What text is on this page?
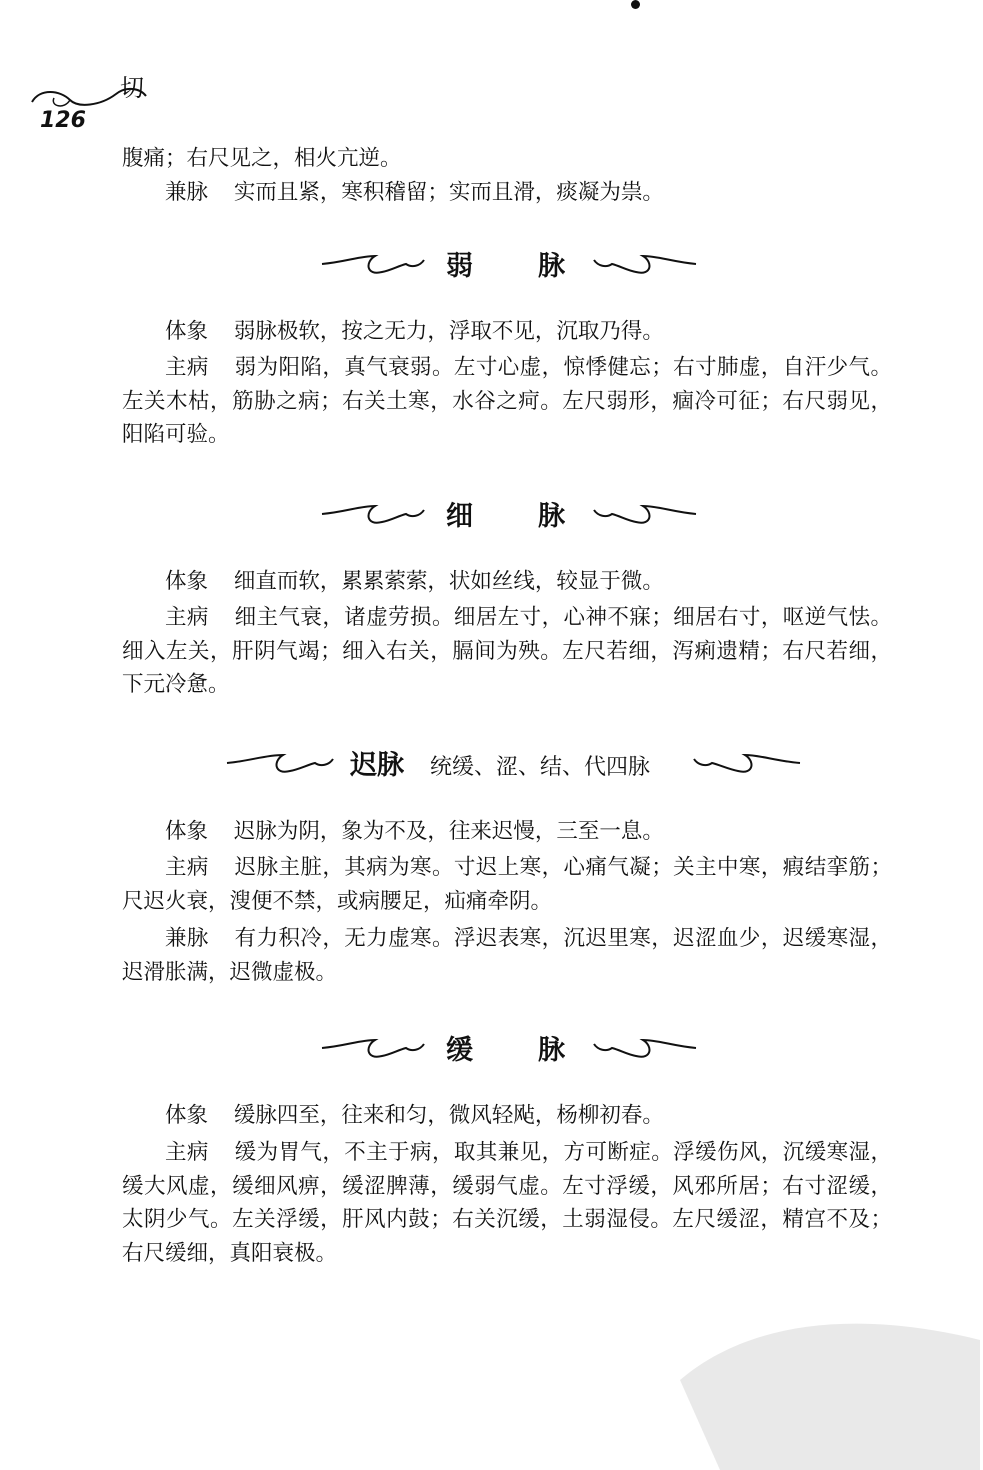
切
126
腹痛；右尺见之，相火亢逆。
兼脉 实而且紧，寒积稽留；实而且滑，痰凝为祟。
弱 脉
体象 弱脉极软，按之无力，浮取不见，沉取乃得。
主病 弱为阳陷，真气衰弱。左寸心虚，惊悸健忘；右寸肺虚，自汗少气。左关木枯，筋胁之病；右关土寒，水谷之疴。左尺弱形，痼冷可征；右尺弱见，阳陷可验。
细 脉
体象 细直而软，累累萦萦，状如丝线，较显于微。
主病 细主气衰，诸虚劳损。细居左寸，心神不寐；细居右寸，呕逆气怯。细入左关，肝阴气竭；细入右关，膈间为殃。左尺若细，泻痢遗精；右尺若细，下元冷惫。
迟脉 统缓、涩、结、代四脉
体象 迟脉为阴，象为不及，往来迟慢，三至一息。
主病 迟脉主脏，其病为寒。寸迟上寒，心痛气凝；关主中寒，瘕结挛筋；尺迟火衰，溲便不禁，或病腰足，疝痛牵阴。
兼脉 有力积冷，无力虚寒。浮迟表寒，沉迟里寒，迟涩血少，迟缓寒湿，迟滑胀满，迟微虚极。
缓 脉
体象 缓脉四至，往来和匀，微风轻飐，杨柳初春。
主病 缓为胃气，不主于病，取其兼见，方可断症。浮缓伤风，沉缓寒湿，缓大风虚，缓细风痹，缓涩脾薄，缓弱气虚。左寸浮缓，风邪所居；右寸涩缓，太阴少气。左关浮缓，肝风内鼓；右关沉缓，土弱湿侵。左尺缓涩，精宫不及；右尺缓细，真阳衰极。
